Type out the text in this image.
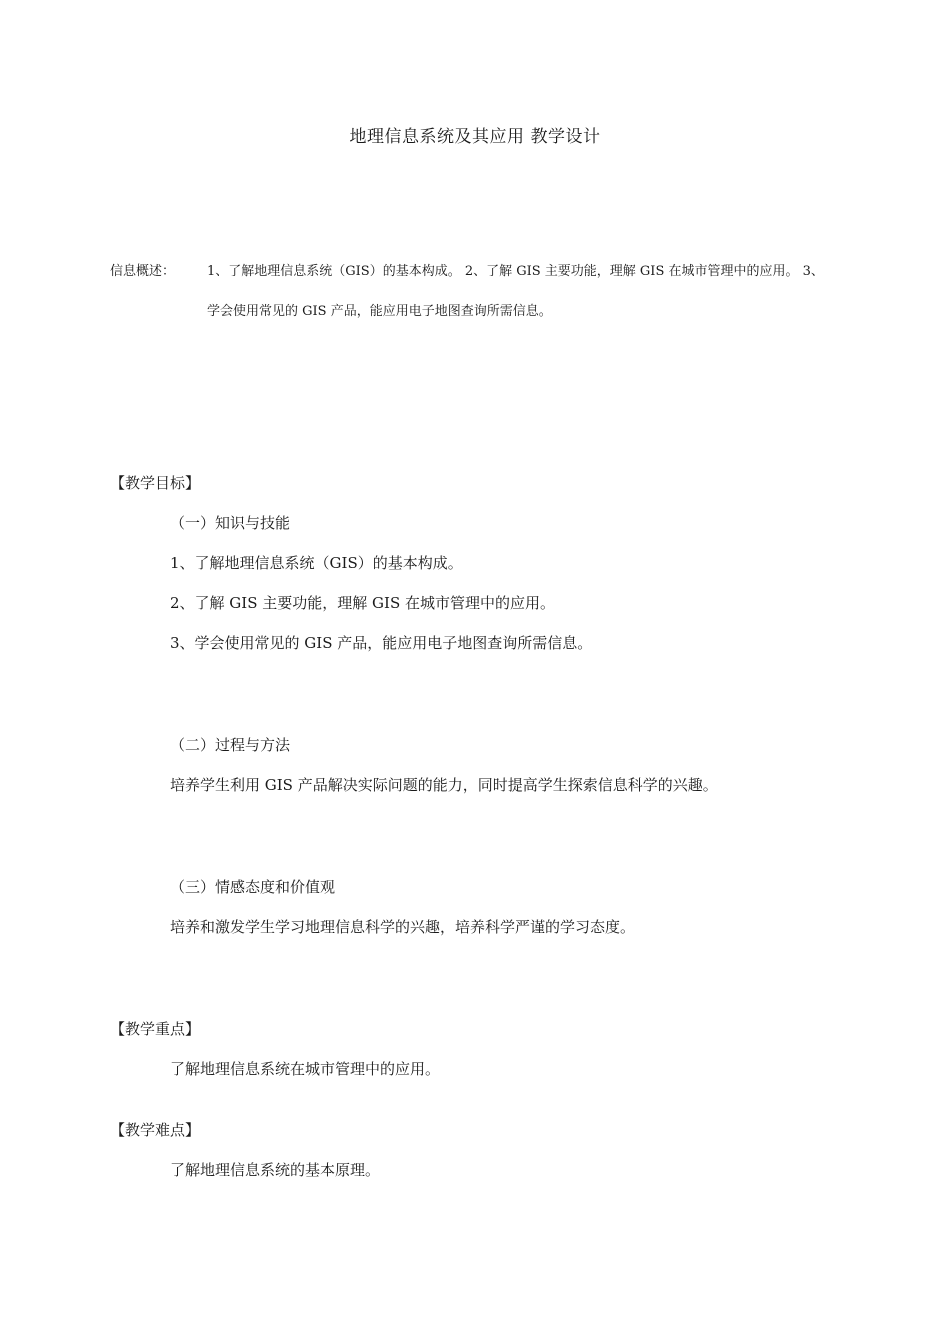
地理信息系统及其应用 教学设计
信息概述： 1、了解地理信息系统（GIS）的基本构成。 2、了解 GIS 主要功能，理解 GIS 在城市管理中的应用。 3、
学会使用常见的 GIS 产品，能应用电子地图查询所需信息。
【教学目标】
（一）知识与技能
1、了解地理信息系统（GIS）的基本构成。
2、了解 GIS 主要功能，理解 GIS 在城市管理中的应用。
3、学会使用常见的 GIS 产品，能应用电子地图查询所需信息。
（二）过程与方法
培养学生利用 GIS 产品解决实际问题的能力，同时提高学生探索信息科学的兴趣。
（三）情感态度和价值观
培养和激发学生学习地理信息科学的兴趣，培养科学严谨的学习态度。
【教学重点】
了解地理信息系统在城市管理中的应用。
【教学难点】
了解地理信息系统的基本原理。
